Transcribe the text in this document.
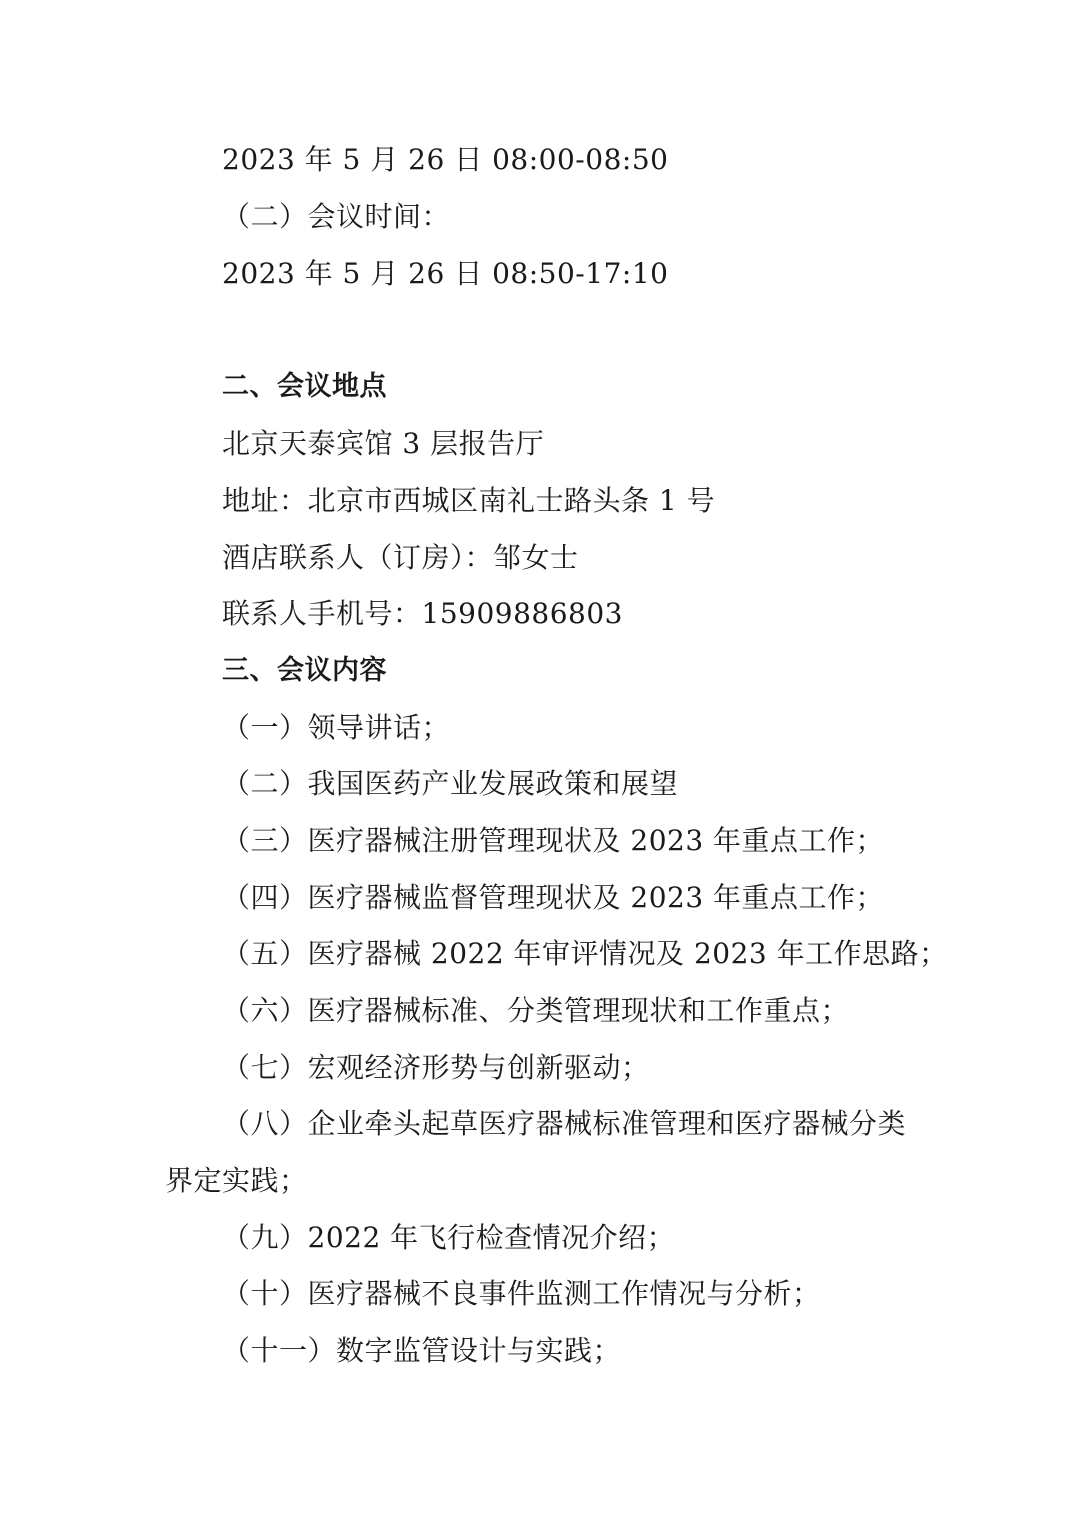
2023 年 5 月 26 日 08:00-08:50
（二）会议时间：
2023 年 5 月 26 日 08:50-17:10
二、会议地点
北京天泰宾馆 3 层报告厅
地址：北京市西城区南礼士路头条 1 号
酒店联系人（订房）：邹女士
联系人手机号：15909886803
三、会议内容
（一）领导讲话；
（二）我国医药产业发展政策和展望
（三）医疗器械注册管理现状及 2023 年重点工作；
（四）医疗器械监督管理现状及 2023 年重点工作；
（五）医疗器械 2022 年审评情况及 2023 年工作思路；
（六）医疗器械标准、分类管理现状和工作重点；
（七）宏观经济形势与创新驱动；
（八）企业牵头起草医疗器械标准管理和医疗器械分类
界定实践；
（九）2022 年飞行检查情况介绍；
（十）医疗器械不良事件监测工作情况与分析；
（十一）数字监管设计与实践；
